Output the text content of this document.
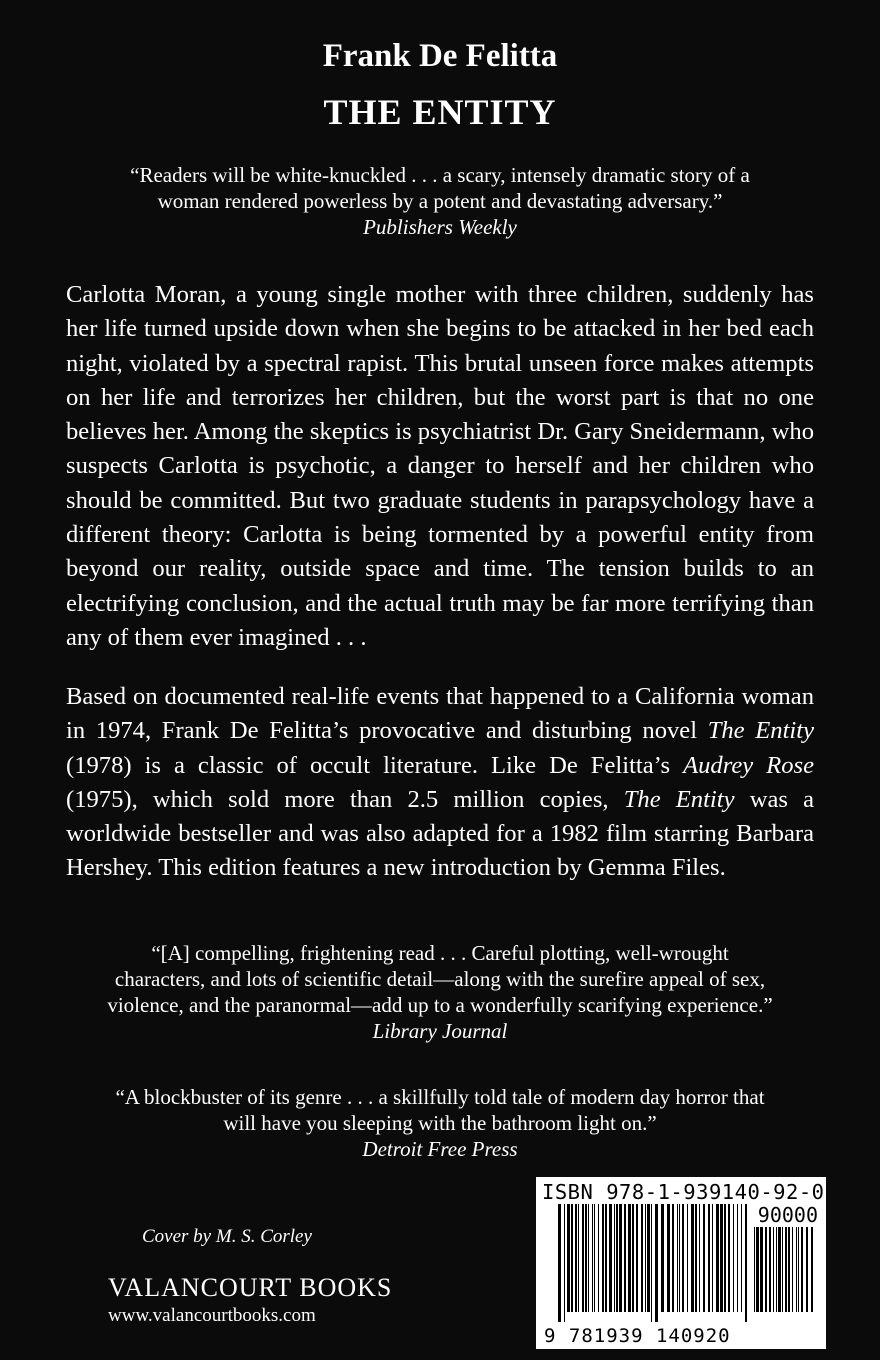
Frank De Felitta
THE ENTITY
“Readers will be white-knuckled . . . a scary, intensely dramatic story of a
woman rendered powerless by a potent and devastating adversary.”
Publishers Weekly

Carlotta Moran, a young single mother with three children, suddenly has her life turned upside down when she begins to be attacked in her bed each night, violated by a spectral rapist. This brutal unseen force makes attempts on her life and terrorizes her children, but the worst part is that no one believes her. Among the skeptics is psychiatrist Dr. Gary Sneidermann, who suspects Carlotta is psychotic, a danger to herself and her children who should be committed. But two graduate students in parapsychology have a different theory: Carlotta is being tormented by a powerful entity from beyond our reality, outside space and time. The tension builds to an electrifying conclusion, and the actual truth may be far more terrifying than any of them ever imagined . . .

Based on documented real-life events that happened to a California woman in 1974, Frank De Felitta’s provocative and disturbing novel The Entity (1978) is a classic of occult literature. Like De Felitta’s Audrey Rose (1975), which sold more than 2.5 million copies, The Entity was a worldwide bestseller and was also adapted for a 1982 film starring Barbara Hershey. This edition features a new introduction by Gemma Files.

“[A] compelling, frightening read . . . Careful plotting, well-wrought
characters, and lots of scientific detail—along with the surefire appeal of sex,
violence, and the paranormal—add up to a wonderfully scarifying experience.”
Library Journal
“A blockbuster of its genre . . . a skillfully told tale of modern day horror that
will have you sleeping with the bathroom light on.”
Detroit Free Press
Cover by M. S. Corley
VALANCOURT BOOKS
www.valancourtbooks.com
ISBN 978-1-939140-92-0
90000
9 781939 140920
